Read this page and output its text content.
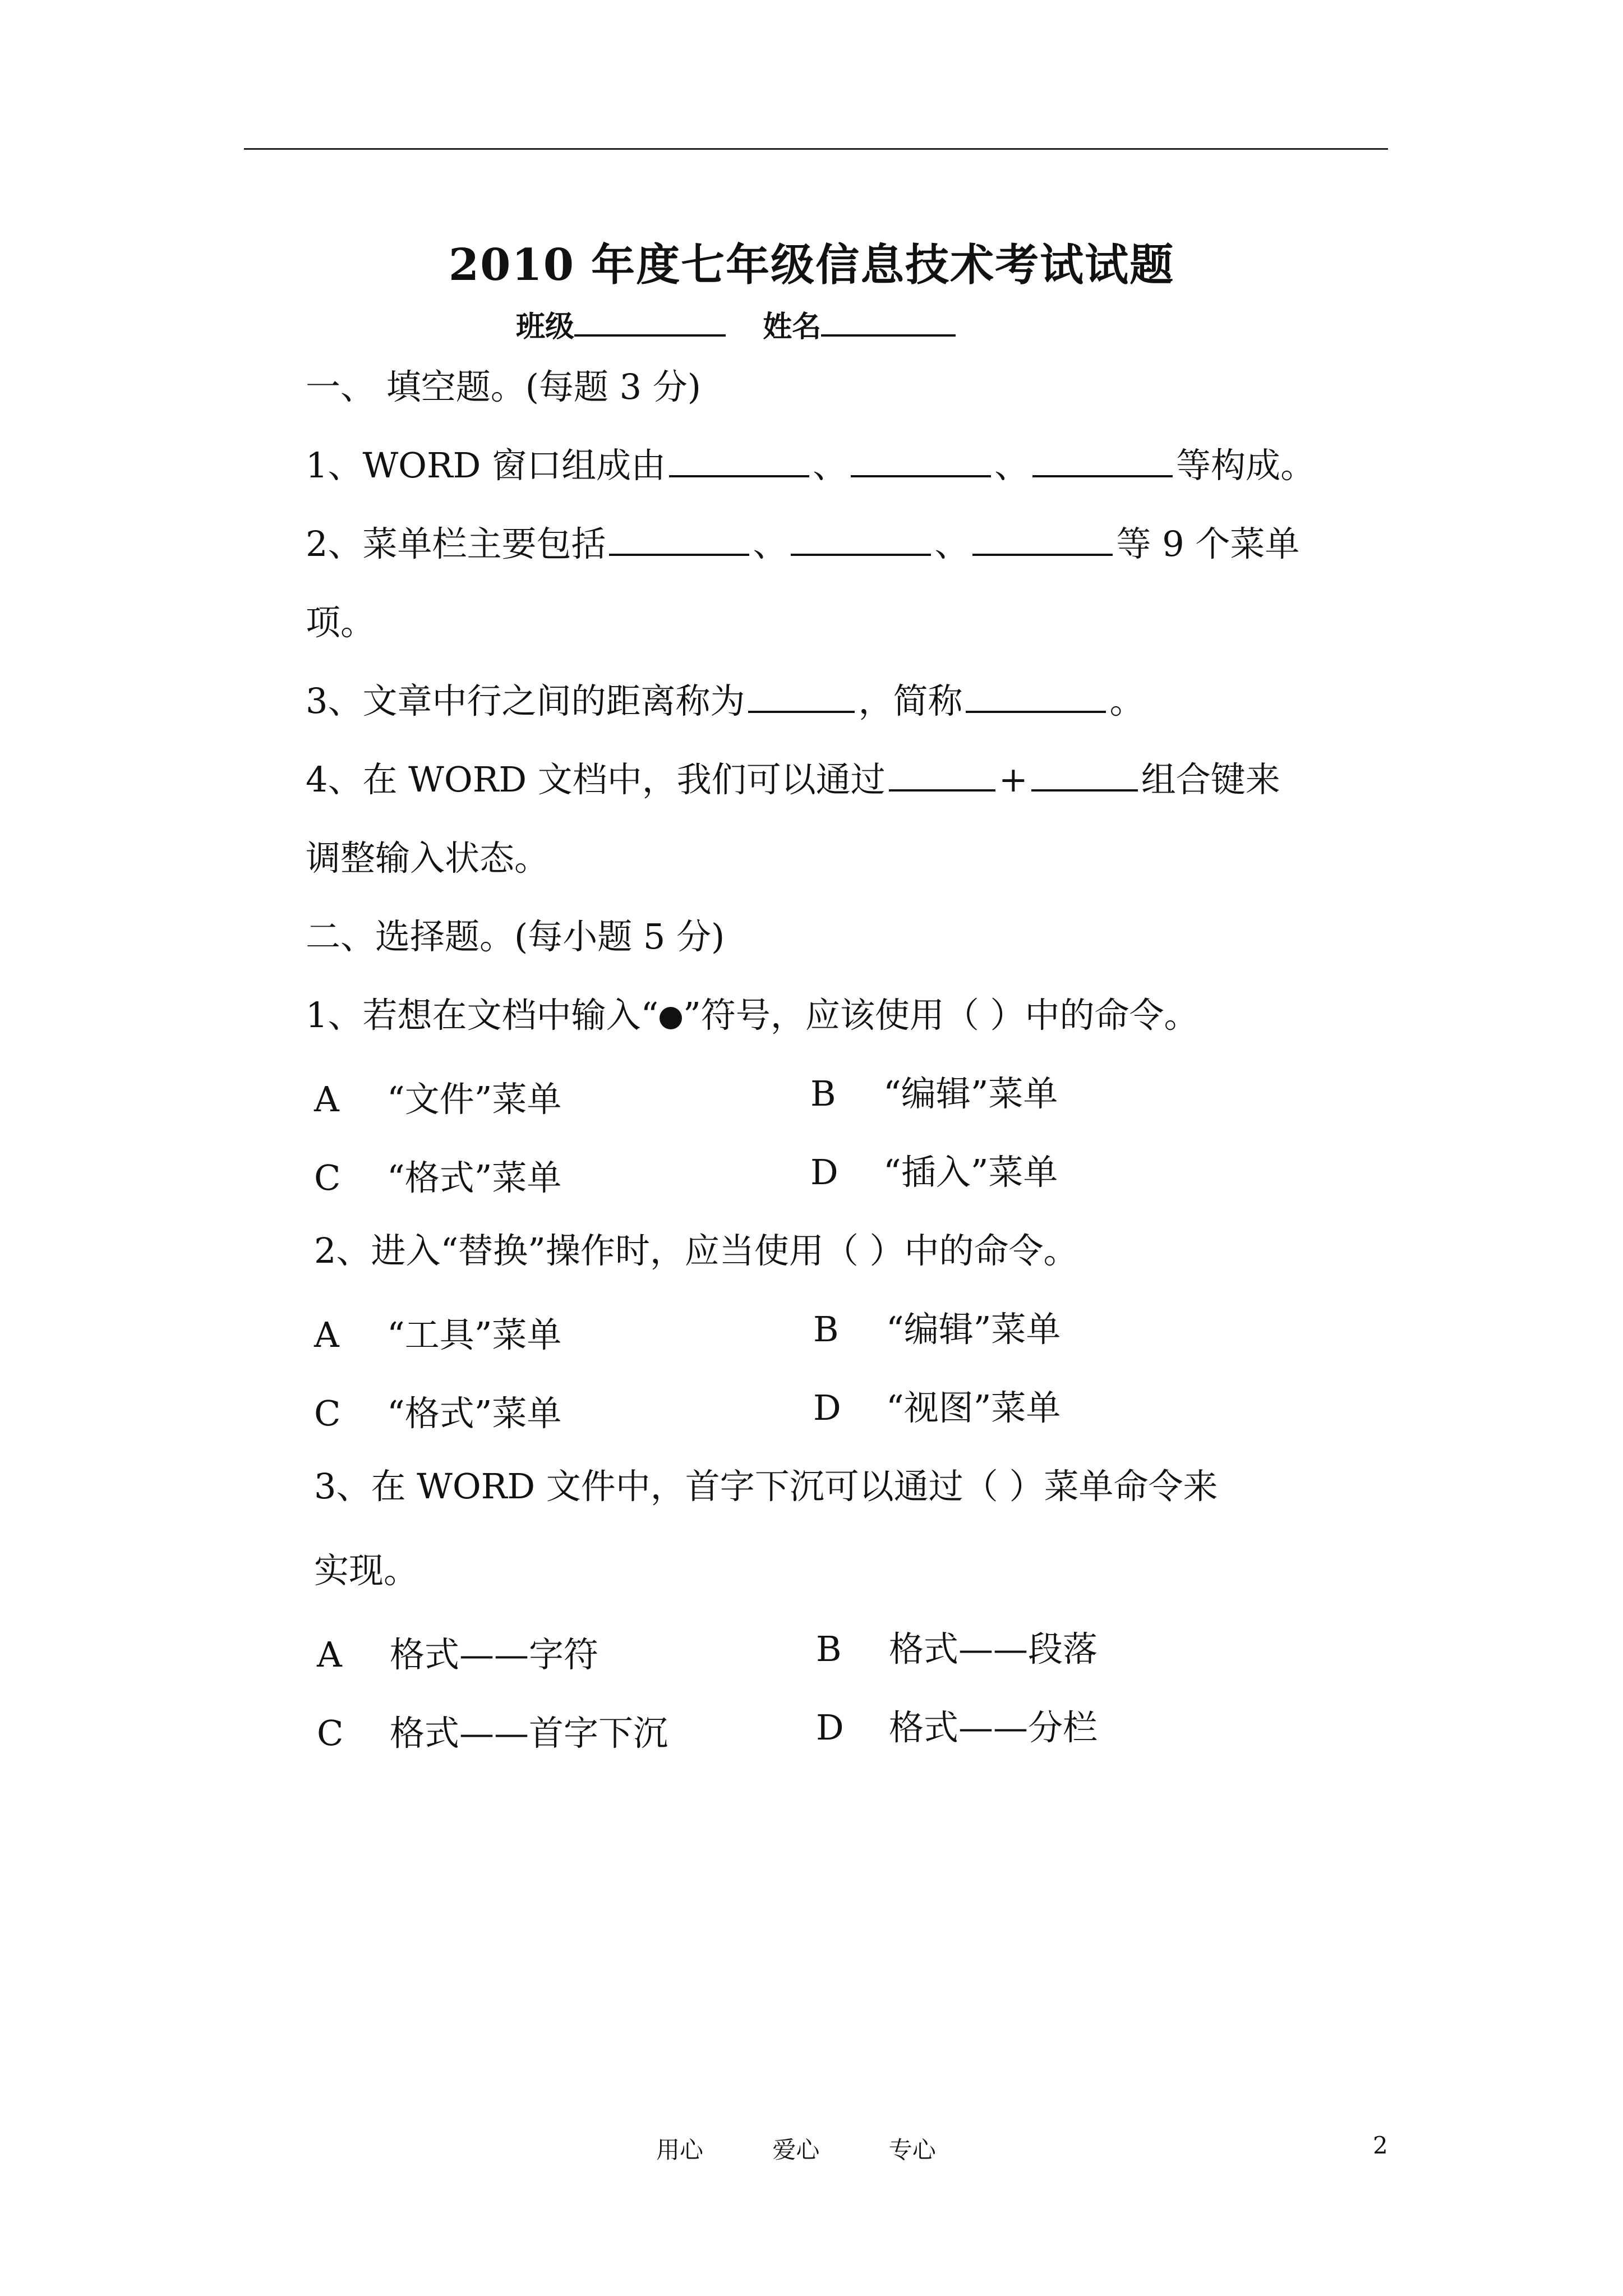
2010 年度七年级信息技术考试试题
班级	姓名
一、 填空题。(每题 3 分)
1、WORD 窗口组成由	、	、	等构成。
2、菜单栏主要包括	、	、	等 9 个菜单
项。
3、文章中行之间的距离称为	，简称	。
4、在 WORD 文档中，我们可以通过	+	组合键来
调整输入状态。
二、选择题。(每小题 5 分)
1、若想在文档中输入“ ”符号，应该使用（ ）中的命令。
A “文件”菜单	B “编辑”菜单
C “格式”菜单	D “插入”菜单
2、进入“替换”操作时，应当使用（ ）中的命令。
A “工具”菜单	B “编辑”菜单
C “格式”菜单	D “视图”菜单
3、在 WORD 文件中，首字下沉可以通过（ ）菜单命令来
实现。
A 格式——字符	B 格式——段落
C 格式——首字下沉	D 格式——分栏
用心	爱心	专心	2
